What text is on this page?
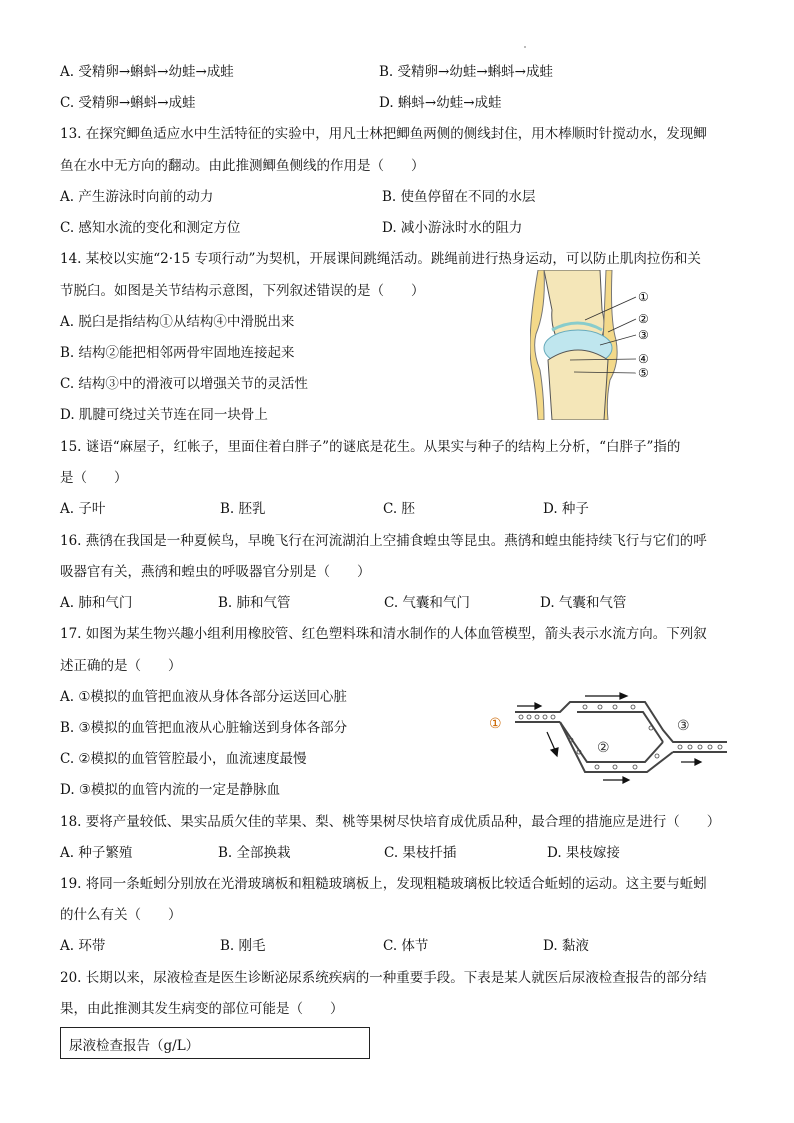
A. 受精卵→蝌蚪→幼蛙→成蛙	B. 受精卵→幼蛙→蝌蚪→成蛙
C. 受精卵→蝌蚪→成蛙	D. 蝌蚪→幼蛙→成蛙
13. 在探究鲫鱼适应水中生活特征的实验中，用凡士林把鲫鱼两侧的侧线封住，用木棒顺时针搅动水，发现鲫
鱼在水中无方向的翻动。由此推测鲫鱼侧线的作用是（　　）
A. 产生游泳时向前的动力	B. 使鱼停留在不同的水层
C. 感知水流的变化和测定方位	D. 减小游泳时水的阻力
14. 某校以实施“2·15 专项行动”为契机，开展课间跳绳活动。跳绳前进行热身运动，可以防止肌肉拉伤和关
节脱臼。如图是关节结构示意图，下列叙述错误的是（　　）
A. 脱臼是指结构①从结构④中滑脱出来
B. 结构②能把相邻两骨牢固地连接起来
C. 结构③中的滑液可以增强关节的灵活性
D. 肌腱可绕过关节连在同一块骨上
①
②
③
④
⑤
15. 谜语“麻屋子，红帐子，里面住着白胖子”的谜底是花生。从果实与种子的结构上分析，“白胖子”指的
是（　　）
A. 子叶	B. 胚乳	C. 胚	D. 种子
16. 燕鸻在我国是一种夏候鸟，早晚飞行在河流湖泊上空捕食蝗虫等昆虫。燕鸻和蝗虫能持续飞行与它们的呼
吸器官有关，燕鸻和蝗虫的呼吸器官分别是（　　）
A. 肺和气门	B. 肺和气管	C. 气囊和气门	D. 气囊和气管
17. 如图为某生物兴趣小组利用橡胶管、红色塑料珠和清水制作的人体血管模型，箭头表示水流方向。下列叙
述正确的是（　　）
A. ①模拟的血管把血液从身体各部分运送回心脏
B. ③模拟的血管把血液从心脏输送到身体各部分
C. ②模拟的血管管腔最小，血流速度最慢
D. ③模拟的血管内流的一定是静脉血
①
②
③
18. 要将产量较低、果实品质欠佳的苹果、梨、桃等果树尽快培育成优质品种，最合理的措施应是进行（　　）
A. 种子繁殖	B. 全部换栽	C. 果枝扦插	D. 果枝嫁接
19. 将同一条蚯蚓分别放在光滑玻璃板和粗糙玻璃板上，发现粗糙玻璃板比较适合蚯蚓的运动。这主要与蚯蚓
的什么有关（　　）
A. 环带	B. 刚毛	C. 体节	D. 黏液
20. 长期以来，尿液检查是医生诊断泌尿系统疾病的一种重要手段。下表是某人就医后尿液检查报告的部分结
果，由此推测其发生病变的部位可能是（　　）
尿液检查报告（g/L）
